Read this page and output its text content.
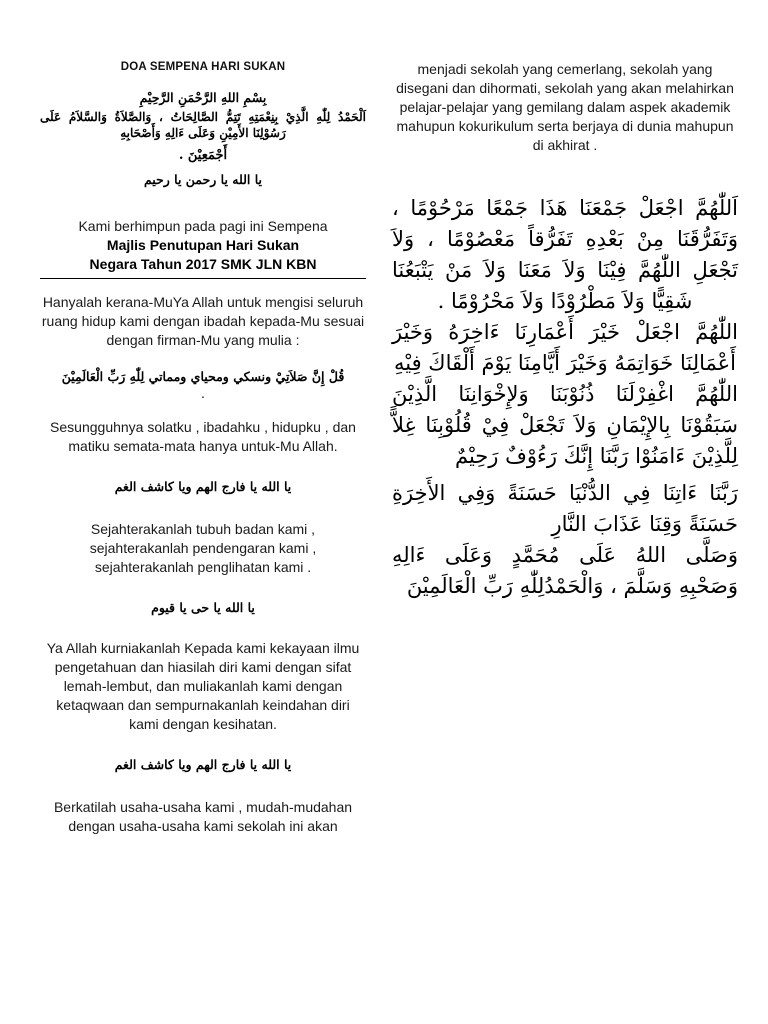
DOA SEMPENA HARI SUKAN
بِسْمِ اللهِ الرَّحْمَنِ الرَّحِيْمِ
اَلْحَمْدُ لِلّٰهِ الَّذِيْ بِنِعْمَتِهِ تَتِمُّ الصَّالِحَاتُ ، وَالصَّلاَةُ وَالسَّلاَمُ عَلَى رَسُوْلِنَا الأَمِيْنِ وَعَلَى ءَالِهِ وَأَصْحَابِهِ
أَجْمَعِيْنَ .
يا الله يا رحمن يا رحيم
Kami berhimpun pada pagi ini Sempena
Majlis Penutupan Hari Sukan
Negara Tahun 2017 SMK JLN KBN
Hanyalah kerana-MuYa Allah untuk mengisi seluruh ruang hidup kami dengan ibadah kepada-Mu sesuai dengan firman-Mu yang mulia :
قُلْ إِنَّ صَلاَتِيْ ونسكي ومحياي ومماتي لِلّٰهِ رَبِّ الْعَالَمِيْنَ
.
Sesungguhnya solatku , ibadahku , hidupku , dan matiku semata-mata hanya untuk-Mu Allah.
يا الله يا فارج الهم ويا كاشف الغم
Sejahterakanlah tubuh badan kami ,
sejahterakanlah pendengaran kami ,
sejahterakanlah penglihatan kami .
يا الله يا حى يا قيوم
Ya Allah kurniakanlah Kepada kami kekayaan ilmu pengetahuan dan hiasilah diri kami dengan sifat lemah-lembut, dan muliakanlah kami dengan ketaqwaan dan sempurnakanlah keindahan diri kami dengan kesihatan.
يا الله يا فارج الهم ويا كاشف الغم
Berkatilah usaha-usaha kami , mudah-mudahan dengan usaha-usaha kami sekolah ini akan
menjadi sekolah yang cemerlang, sekolah yang disegani dan dihormati, sekolah yang akan melahirkan pelajar-pelajar yang gemilang dalam aspek akademik mahupun kokurikulum serta berjaya di dunia mahupun di akhirat .
اَللّٰهُمَّ اجْعَلْ جَمْعَنَا هَذَا جَمْعًا مَرْحُوْمًا ، وَتَفَرُّقَنَا مِنْ بَعْدِهِ تَفَرُّقاً مَعْصُوْمًا ، وَلاَ تَجْعَلِ اللّٰهُمَّ فِيْنَا وَلاَ مَعَنَا وَلاَ مَنْ يَتْبَعُنَا شَقِيًّا وَلاَ مَطْرُوْدًا وَلاَ مَحْرُوْمًا .
اللّٰهُمَّ اجْعَلْ خَيْرَ أَعْمَارِنَا ءَاخِرَهُ وَخَيْرَ أَعْمَالِنَا خَوَاتِمَهُ وَخَيْرَ أَيَّامِنَا يَوْمَ أَلْقَاكَ فِيْهِ
اللّٰهُمَّ اغْفِرْلَنَا ذُنُوْبَنَا وَلإِخْوَانِنَا الَّذِيْنَ سَبَقُوْنَا بِالإِيْمَانِ وَلاَ تَجْعَلْ فِيْ قُلُوْبِنَا غِلاًّ لِلَّذِيْنَ ءَامَنُوْا رَبَّنَا إِنَّكَ رَءُوْفٌ رَحِيْمٌ
رَبَّنَا ءَاتِنَا فِي الدُّنْيَا حَسَنَةً وَفِي الأَخِرَةِ حَسَنَةً وَقِنَا عَذَابَ النَّارِ
وَصَلَّى اللهُ عَلَى مُحَمَّدٍ وَعَلَى ءَالِهِ وَصَحْبِهِ وَسَلَّمَ ، وَالْحَمْدُلِلّٰهِ رَبِّ الْعَالَمِيْنَ
